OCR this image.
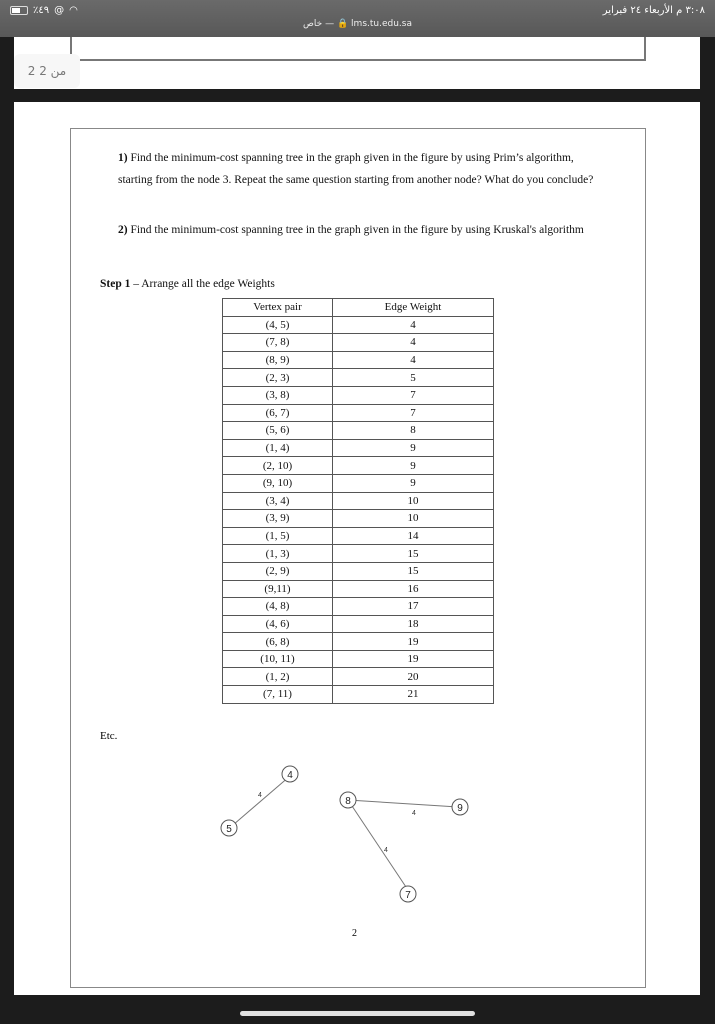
٪٤٩ @ ◠	٣:٠٨ م الأربعاء ٢٤ فبراير
خاص — 🔒 lms.tu.edu.sa
2 من 2
1) Find the minimum-cost spanning tree in the graph given in the figure by using Prim’s algorithm, starting from the node 3. Repeat the same question starting from another node? What do you conclude?
2) Find the minimum-cost spanning tree in the graph given in the figure by using Kruskal's algorithm
Step 1 – Arrange all the edge Weights
Vertex pair	Edge Weight
(4, 5)	4
(7, 8)	4
(8, 9)	4
(2, 3)	5
(3, 8)	7
(6, 7)	7
(5, 6)	8
(1, 4)	9
(2, 10)	9
(9, 10)	9
(3, 4)	10
(3, 9)	10
(1, 5)	14
(1, 3)	15
(2, 9)	15
(9,11)	16
(4, 8)	17
(4, 6)	18
(6, 8)	19
(10, 11)	19
(1, 2)	20
(7, 11)	21
Etc.
4
4
4
4
5
8
9
7
2
